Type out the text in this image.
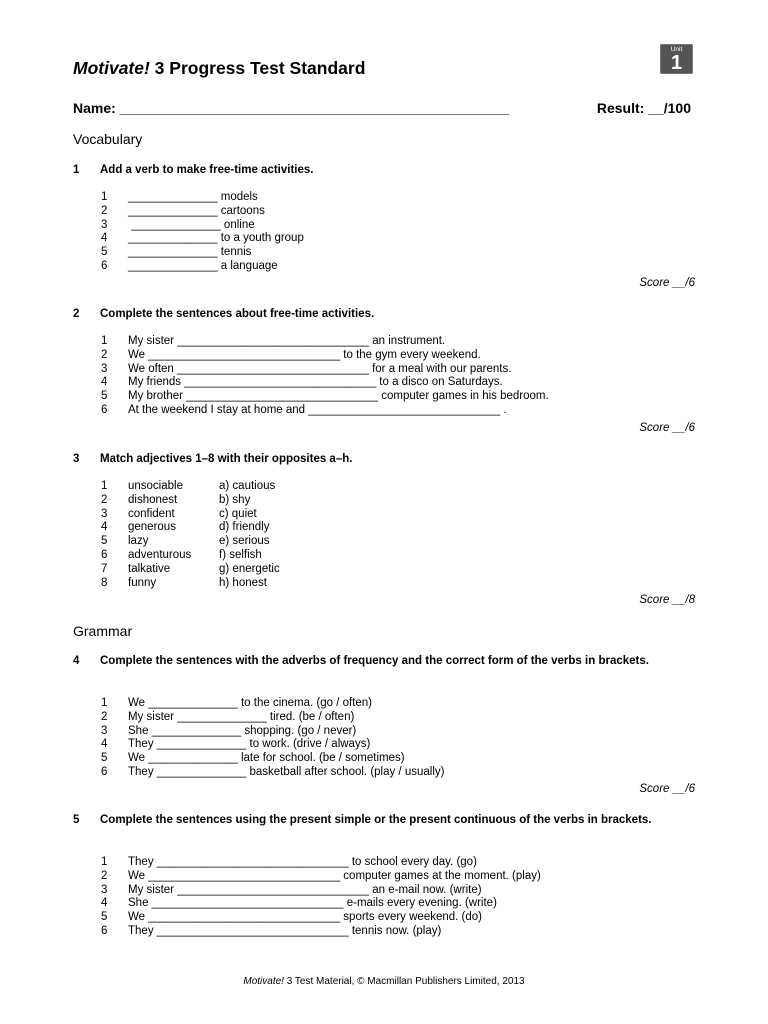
Motivate! 3 Progress Test Standard
Unit
1
Name: __________________________________________________	Result: __/100
Vocabulary
1 Add a verb to make free-time activities.
1 ______________ models
2 ______________ cartoons
3 ______________ online
4 ______________ to a youth group
5 ______________ tennis
6 ______________ a language
Score __/6
2 Complete the sentences about free-time activities.
1 My sister ______________________________ an instrument.
2 We ______________________________ to the gym every weekend.
3 We often ______________________________ for a meal with our parents.
4 My friends ______________________________ to a disco on Saturdays.
5 My brother ______________________________ computer games in his bedroom.
6 At the weekend I stay at home and ______________________________ .
Score __/6
3 Match adjectives 1–8 with their opposites a–h.
1 unsociable	a) cautious
2 dishonest	b) shy
3 confident	c) quiet
4 generous	d) friendly
5 lazy	e) serious
6 adventurous f) selfish
7 talkative	g) energetic
8 funny	h) honest
Score __/8
Grammar
4 Complete the sentences with the adverbs of frequency and the correct form of the verbs in brackets.
1 We ______________ to the cinema. (go / often)
2 My sister ______________ tired. (be / often)
3 She ______________ shopping. (go / never)
4 They ______________ to work. (drive / always)
5 We ______________ late for school. (be / sometimes)
6 They ______________ basketball after school. (play / usually)
Score __/6
5 Complete the sentences using the present simple or the present continuous of the verbs in brackets.
1 They ______________________________ to school every day. (go)
2 We ______________________________ computer games at the moment. (play)
3 My sister ______________________________ an e-mail now. (write)
4 She ______________________________ e-mails every evening. (write)
5 We ______________________________ sports every weekend. (do)
6 They ______________________________ tennis now. (play)
Motivate! 3 Test Material, © Macmillan Publishers Limited, 2013
